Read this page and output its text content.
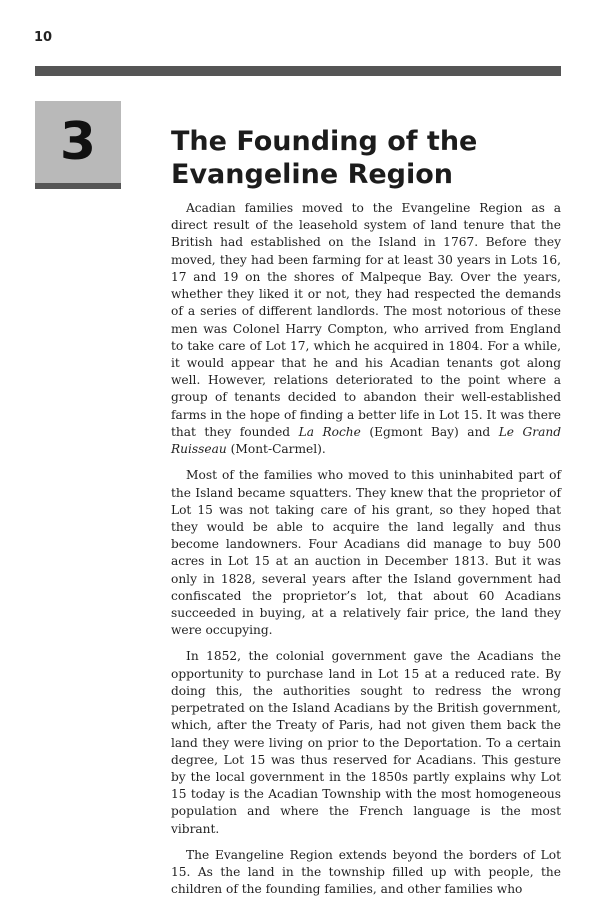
10
3	The Founding of the Evangeline Region

Acadian families moved to the Evangeline Region as a direct result of the leasehold system of land tenure that the British had established on the Island in 1767. Before they moved, they had been farming for at least 30 years in Lots 16, 17 and 19 on the shores of Malpeque Bay. Over the years, whether they liked it or not, they had respected the demands of a series of different landlords. The most notorious of these men was Colonel Harry Compton, who arrived from England to take care of Lot 17, which he acquired in 1804. For a while, it would appear that he and his Acadian tenants got along well. However, relations deteriorated to the point where a group of tenants decided to abandon their well-established farms in the hope of finding a better life in Lot 15. It was there that they founded La Roche (Egmont Bay) and Le Grand Ruisseau (Mont-Carmel).

Most of the families who moved to this uninhabited part of the Island became squatters. They knew that the proprietor of Lot 15 was not taking care of his grant, so they hoped that they would be able to acquire the land legally and thus become landowners. Four Acadians did manage to buy 500 acres in Lot 15 at an auction in December 1813. But it was only in 1828, several years after the Island government had confiscated the proprietor’s lot, that about 60 Acadians succeeded in buying, at a relatively fair price, the land they were occupying.

In 1852, the colonial government gave the Acadians the opportunity to purchase land in Lot 15 at a reduced rate. By doing this, the authorities sought to redress the wrong perpetrated on the Island Acadians by the British government, which, after the Treaty of Paris, had not given them back the land they were living on prior to the Deportation. To a certain degree, Lot 15 was thus reserved for Acadians. This gesture by the local government in the 1850s partly explains why Lot 15 today is the Acadian Township with the most homogeneous population and where the French language is the most vibrant.

The Evangeline Region extends beyond the borders of Lot 15. As the land in the township filled up with people, the children of the founding families, and other families who
